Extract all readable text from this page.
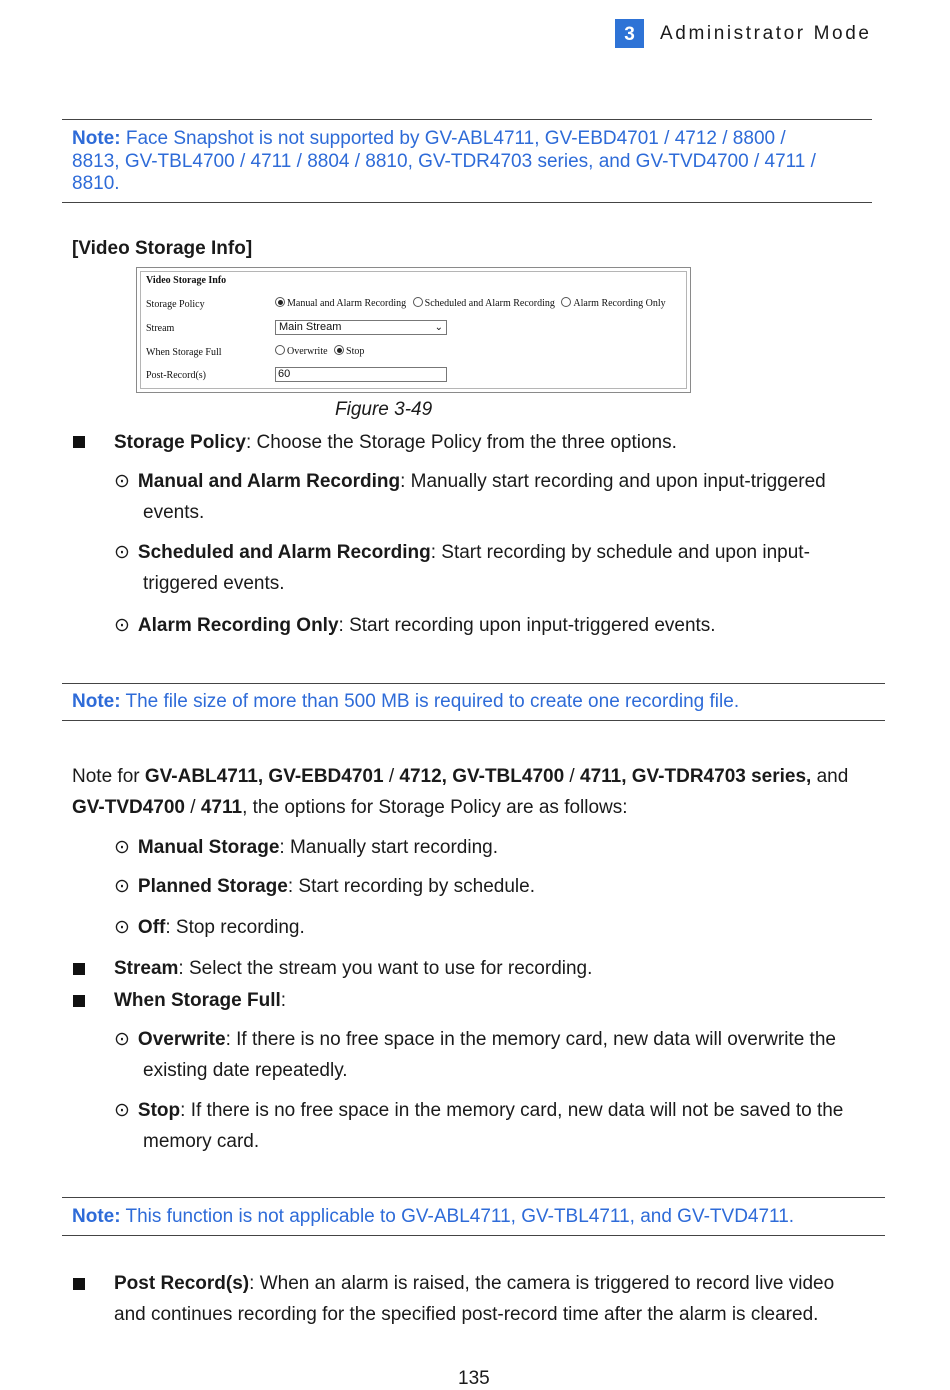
3	Administrator Mode
Note: Face Snapshot is not supported by GV-ABL4711, GV-EBD4701 / 4712 / 8800 /
8813, GV-TBL4700 / 4711 / 8804 / 8810, GV-TDR4703 series, and GV-TVD4700 / 4711 /
8810.
[Video Storage Info]
Video Storage Info
Storage Policy	Manual and Alarm Recording Scheduled and Alarm Recording Alarm Recording Only
Stream	Main Stream	⌄
When Storage Full	Overwrite Stop
Post-Record(s)	60
Figure 3-49
Storage Policy: Choose the Storage Policy from the three options.
⊙ Manual and Alarm Recording: Manually start recording and upon input-triggered
events.
⊙ Scheduled and Alarm Recording: Start recording by schedule and upon input-
triggered events.
⊙ Alarm Recording Only: Start recording upon input-triggered events.
Note: The file size of more than 500 MB is required to create one recording file.
Note for GV-ABL4711, GV-EBD4701 / 4712, GV-TBL4700 / 4711, GV-TDR4703 series, and
GV-TVD4700 / 4711, the options for Storage Policy are as follows:
⊙ Manual Storage: Manually start recording.
⊙ Planned Storage: Start recording by schedule.
⊙ Off: Stop recording.
Stream: Select the stream you want to use for recording.
When Storage Full:
⊙ Overwrite: If there is no free space in the memory card, new data will overwrite the
existing date repeatedly.
⊙ Stop: If there is no free space in the memory card, new data will not be saved to the
memory card.
Note: This function is not applicable to GV-ABL4711, GV-TBL4711, and GV-TVD4711.
Post Record(s): When an alarm is raised, the camera is triggered to record live video
and continues recording for the specified post-record time after the alarm is cleared.
135
